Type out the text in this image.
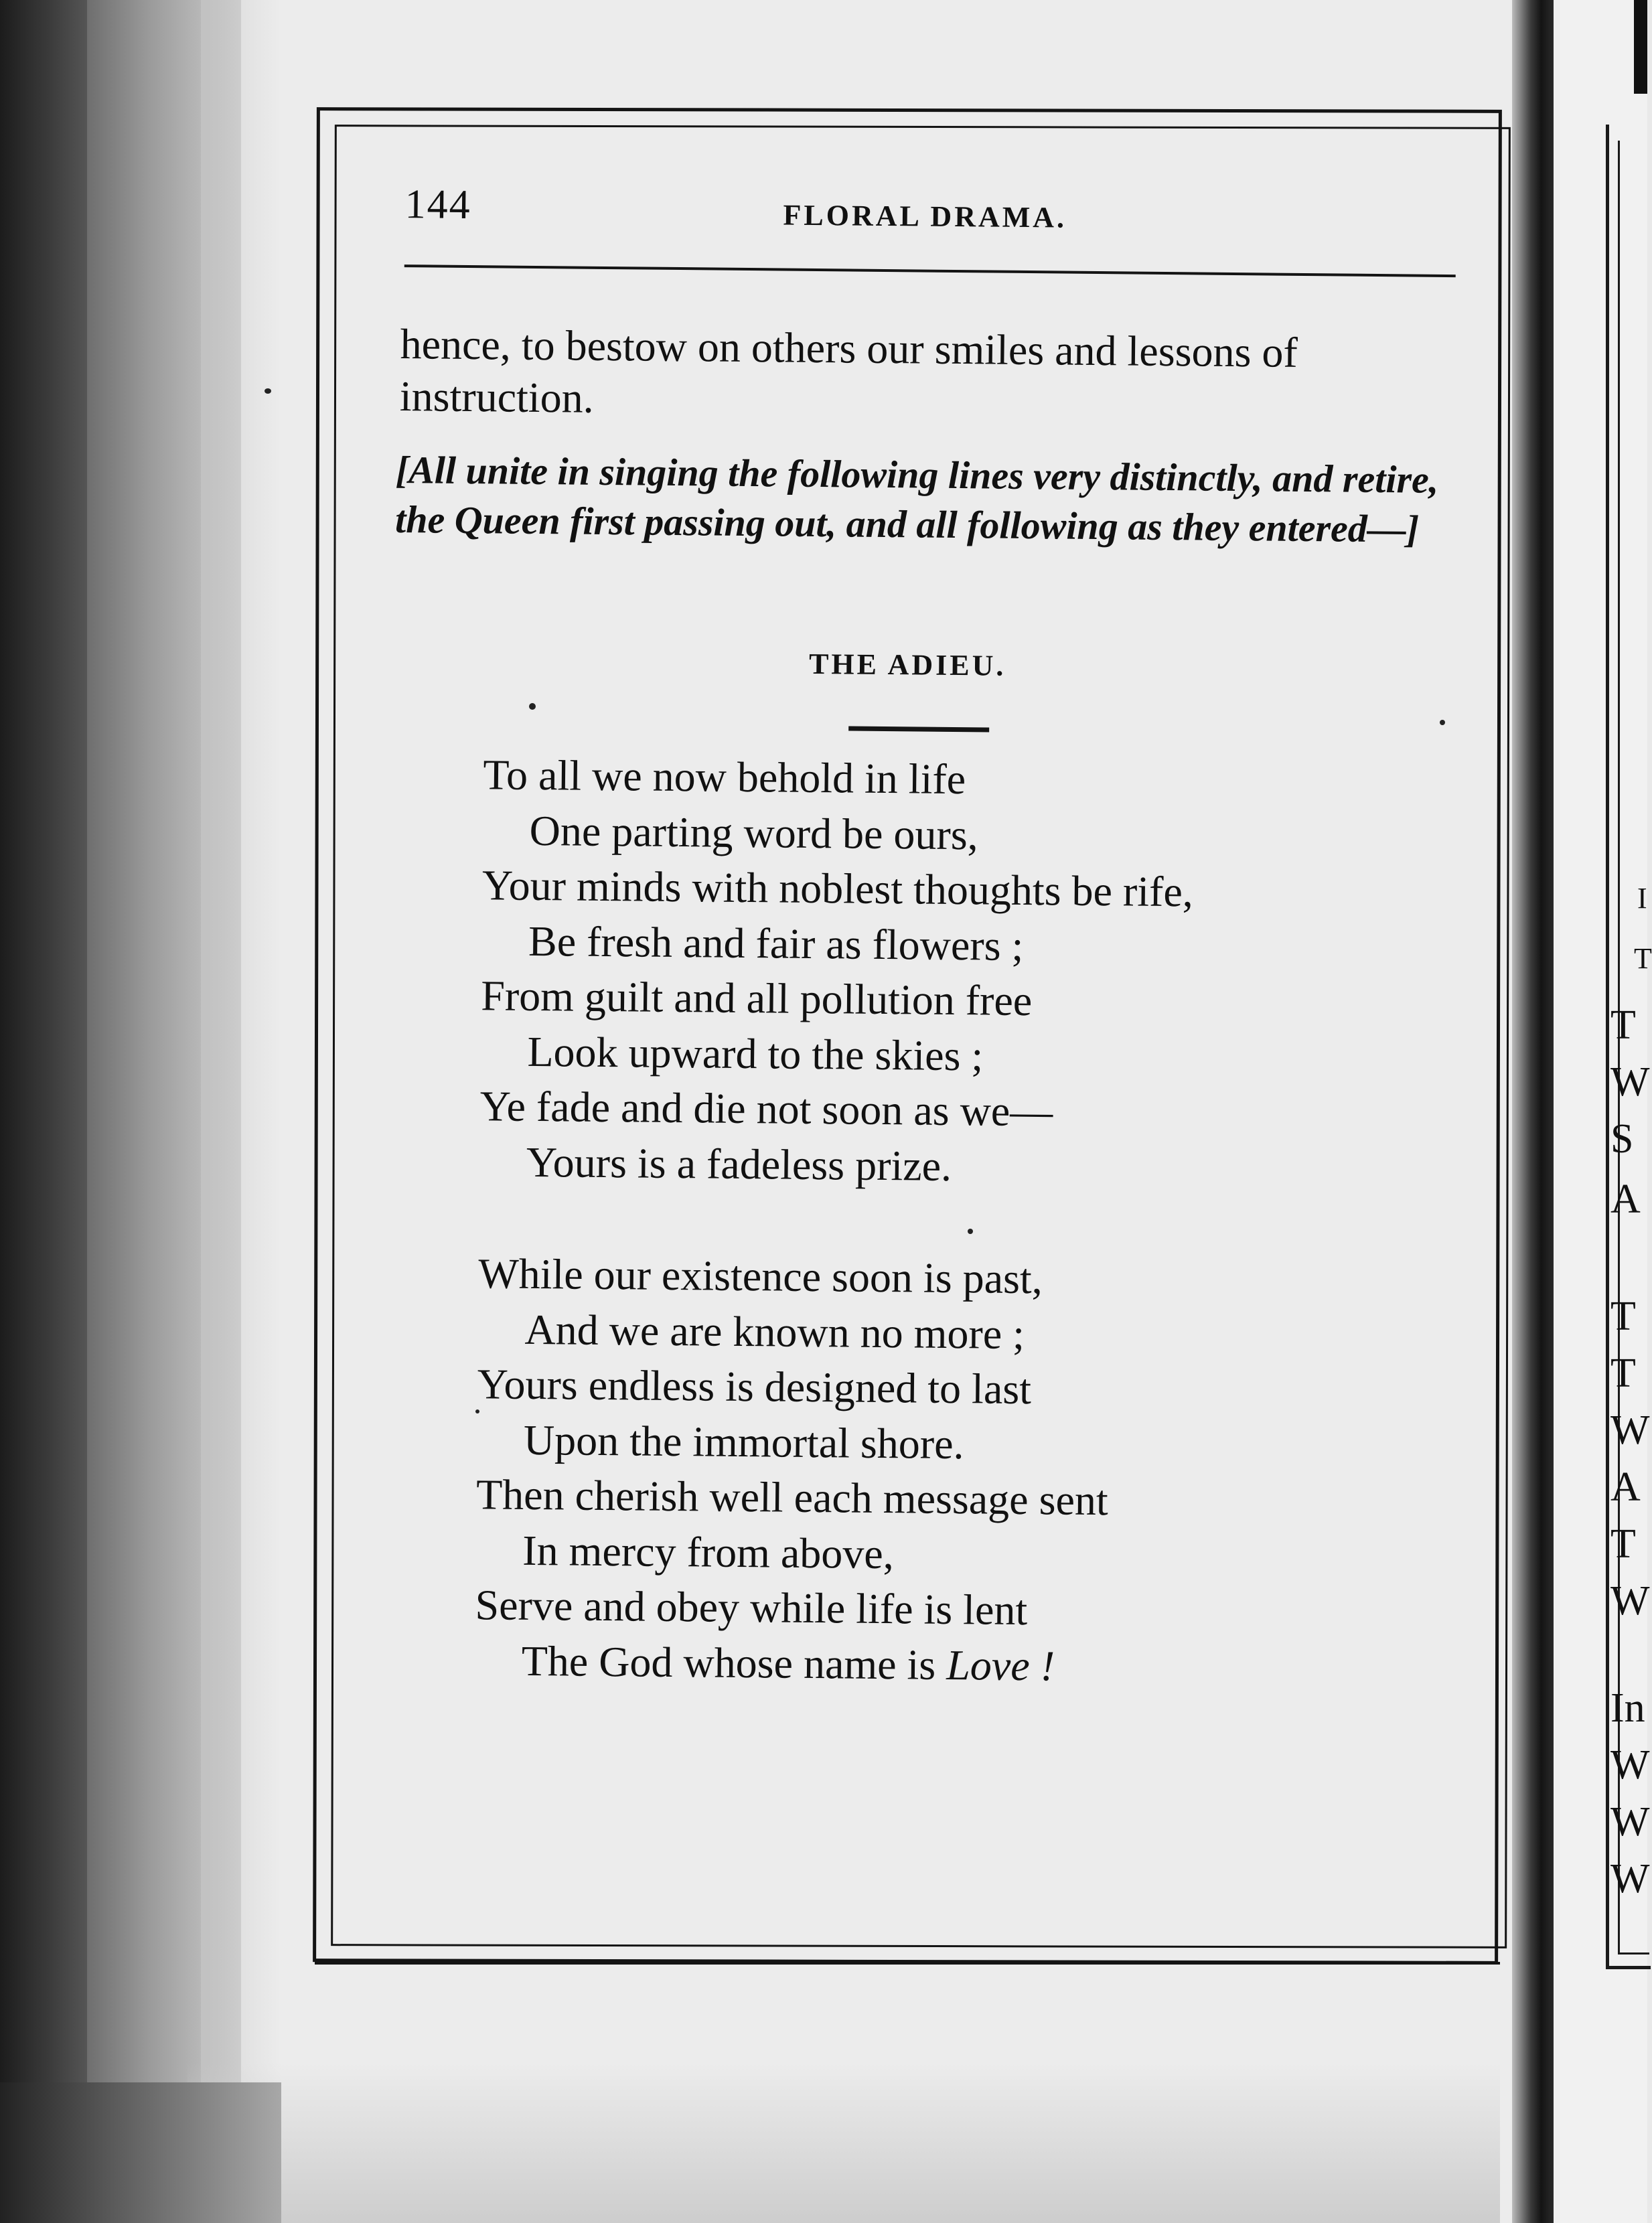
I
T
T
W
S
A
T
T
W
A
T
W
In
W
W
W
144	FLORAL DRAMA.
hence, to bestow on others our smiles and lessons of instruction.
[All unite in singing the following lines very distinctly, and retire, the Queen first passing out, and all following as they entered—]
THE ADIEU.
To all we now behold in life
One parting word be ours,
Your minds with noblest thoughts be rife,
Be fresh and fair as flowers ;
From guilt and all pollution free
Look upward to the skies ;
Ye fade and die not soon as we—
Yours is a fadeless prize.
While our existence soon is past,
And we are known no more ;
Yours endless is designed to last
Upon the immortal shore.
Then cherish well each message sent
In mercy from above,
Serve and obey while life is lent
The God whose name is Love !
